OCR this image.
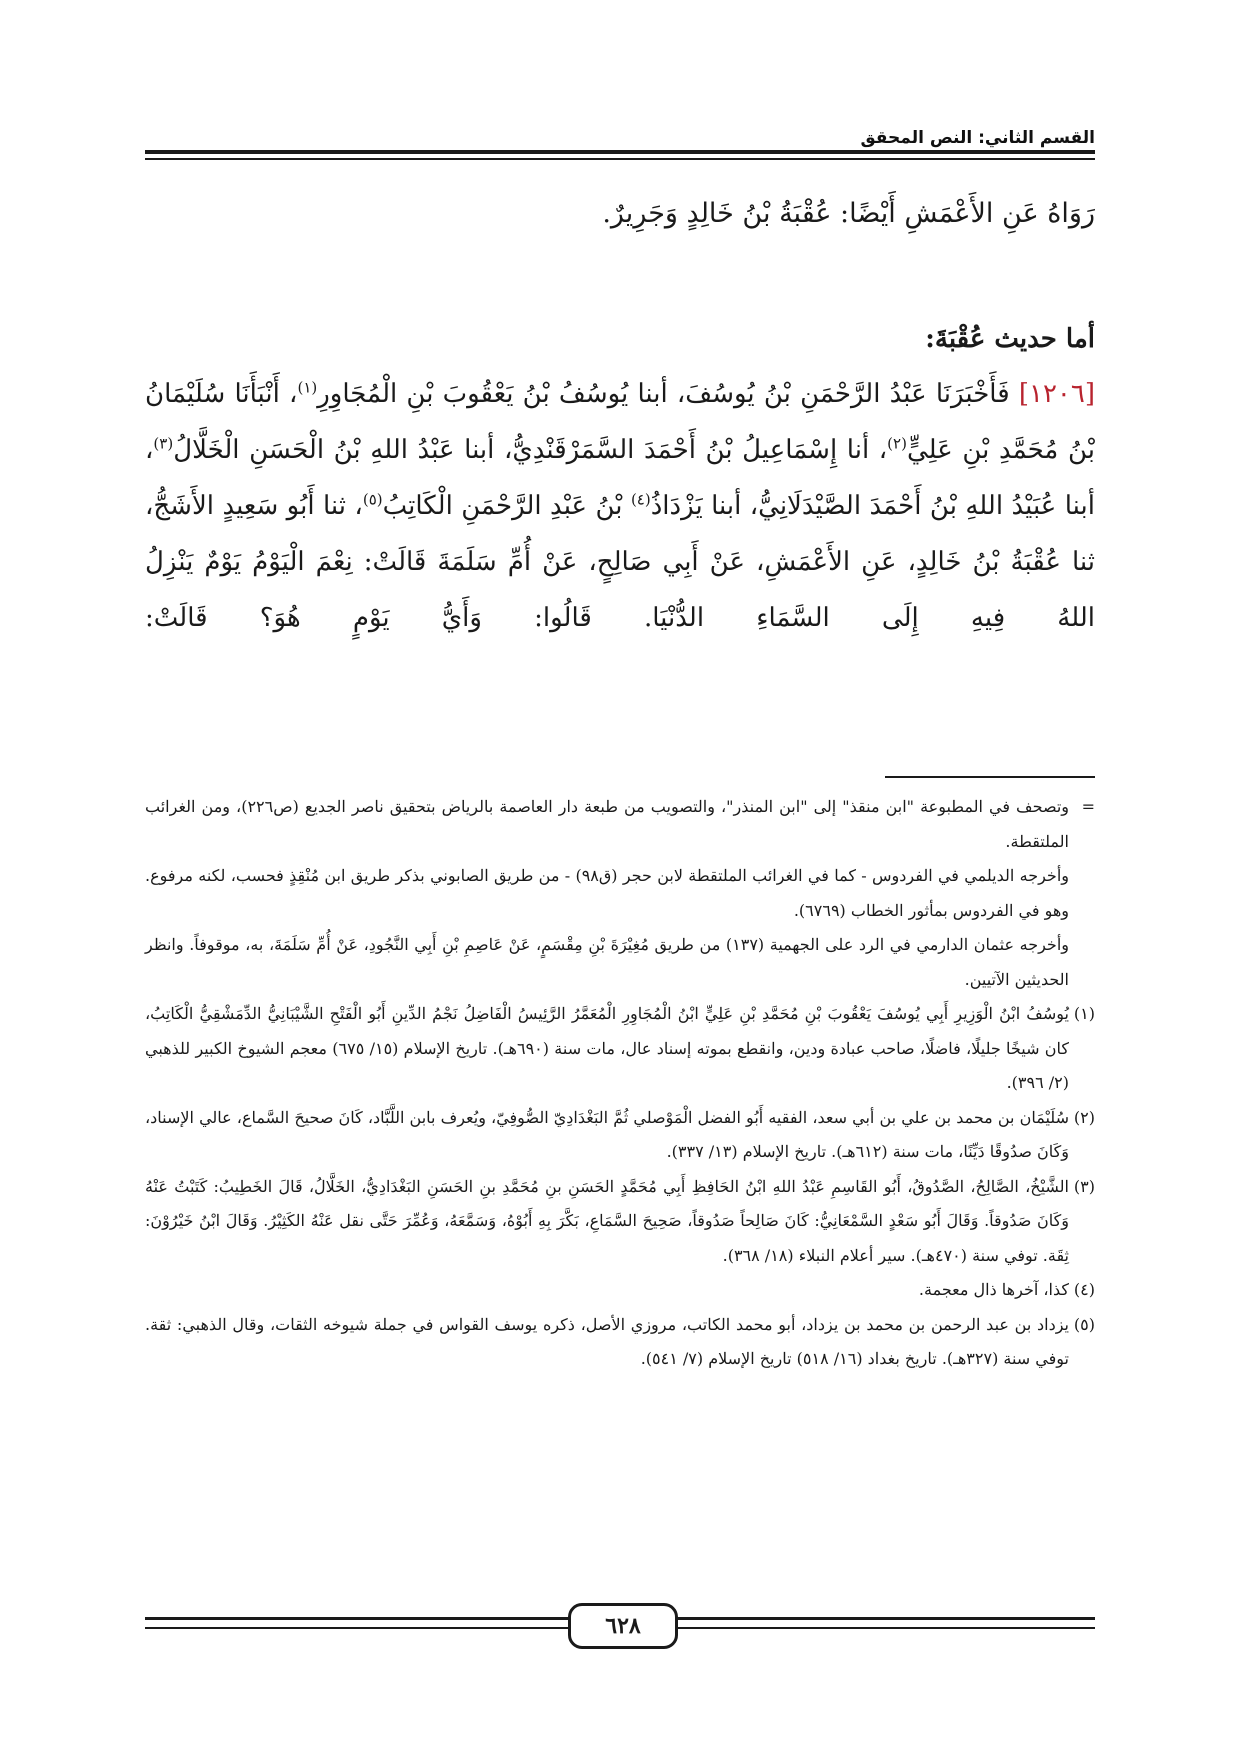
القسم الثاني: النص المحقق

رَوَاهُ عَنِ الأَعْمَشِ أَيْضًا: عُقْبَةُ بْنُ خَالِدٍ وَجَرِيرٌ.

أما حديث عُقْبَةَ:

[١٢٠٦] فَأَخْبَرَنَا عَبْدُ الرَّحْمَنِ بْنُ يُوسُفَ، أبنا يُوسُفُ بْنُ يَعْقُوبَ بْنِ الْمُجَاوِرِ$^{(١)}$، أَنْبَأَنَا سُلَيْمَانُ بْنُ مُحَمَّدِ بْنِ عَلِيٍّ$^{(٢)}$، أنا إِسْمَاعِيلُ بْنُ أَحْمَدَ السَّمَرْقَنْدِيُّ، أبنا عَبْدُ اللهِ بْنُ الْحَسَنِ الْخَلَّالُ$^{(٣)}$، أبنا عُبَيْدُ اللهِ بْنُ أَحْمَدَ الصَّيْدَلَانِيُّ، أبنا يَزْدَاذُ$^{(٤)}$ بْنُ عَبْدِ الرَّحْمَنِ الْكَاتِبُ$^{(٥)}$، ثنا أَبُو سَعِيدٍ الأَشَجُّ، ثنا عُقْبَةُ بْنُ خَالِدٍ، عَنِ الأَعْمَشِ، عَنْ أَبِي صَالِحٍ، عَنْ أُمِّ سَلَمَةَ قَالَتْ: نِعْمَ الْيَوْمُ يَوْمٌ يَنْزِلُ اللهُ فِيهِ إِلَى السَّمَاءِ الدُّنْيَا. قَالُوا: وَأَيُّ يَوْمٍ هُوَ؟ قَالَتْ:

=

وتصحف في المطبوعة "ابن منقذ" إلى "ابن المنذر"، والتصويب من طبعة دار العاصمة بالرياض بتحقيق ناصر الجديع (ص٢٢٦)، ومن الغرائب الملتقطة.

وأخرجه الديلمي في الفردوس - كما في الغرائب الملتقطة لابن حجر (ق٩٨) - من طريق الصابوني بذكر طريق ابن مُنْقِذٍ فحسب، لكنه مرفوع. وهو في الفردوس بمأثور الخطاب (٦٧٦٩).

وأخرجه عثمان الدارمي في الرد على الجهمية (١٣٧) من طريق مُغِيْرَةَ بْنِ مِقْسَمٍ، عَنْ عَاصِمِ بْنِ أَبِي النَّجُودِ، عَنْ أُمِّ سَلَمَةَ، به، موقوفاً. وانظر الحديثين الآتيين.

(١)
يُوسُفُ ابْنُ الْوَزِيرِ أَبِي يُوسُفَ يَعْقُوبَ بْنِ مُحَمَّدِ بْنِ عَلِيٍّ ابْنُ الْمُجَاوِرِ الْمُعَمَّرُ الرَّئِيسُ الْفَاضِلُ نَجْمُ الدِّينِ أَبُو الْفَتْحِ الشَّيْبَانِيُّ الدِّمَشْقِيُّ الْكَاتِبُ، كان شيخًا جليلًا، فاضلًا، صاحب عبادة ودين، وانقطع بموته إسناد عال، مات سنة (٦٩٠هـ). تاريخ الإسلام (١٥/ ٦٧٥) معجم الشيوخ الكبير للذهبي (٢/ ٣٩٦).
(٢)
سُلَيْمَان بن محمد بن علي بن أبي سعد، الفقيه أَبُو الفضل الْمَوْصلي ثُمَّ البَغْدَادِيّ الصُّوفِيّ، ويُعرف بابن اللَّبَّاد، كَانَ صحيحَ السَّماع، عالي الإسناد، وَكَانَ صدُوقًا دَيِّنًا، مات سنة (٦١٢هـ). تاريخ الإسلام (١٣/ ٣٣٧).
(٣)
الشَّيْخُ، الصَّالِحُ، الصَّدُوقُ، أَبُو القَاسِمِ عَبْدُ اللهِ ابْنُ الحَافِظِ أَبِي مُحَمَّدٍ الحَسَنِ بنِ مُحَمَّدِ بنِ الحَسَنِ البَغْدَادِيُّ، الخَلَّالُ، قَالَ الخَطِيبُ: كَتَبْتُ عَنْهُ وَكَانَ صَدُوقاً. وَقَالَ أَبُو سَعْدٍ السَّمْعَانِيُّ: كَانَ صَالِحاً صَدُوقاً، صَحِيحَ السَّمَاعِ، بَكَّرَ بِهِ أَبُوْهُ، وَسَمَّعَهُ، وَعُمِّرَ حَتَّى نقل عَنْهُ الكَثِيْرُ. وَقَالَ ابْنُ خَيْرُوْنَ: ثِقَة. توفي سنة (٤٧٠هـ). سير أعلام النبلاء (١٨/ ٣٦٨).
(٤)
كذا، آخرها ذال معجمة.
(٥)
يزداد بن عبد الرحمن بن محمد بن يزداد، أبو محمد الكاتب، مروزي الأصل، ذكره يوسف القواس في جملة شيوخه الثقات، وقال الذهبي: ثقة. توفي سنة (٣٢٧هـ). تاريخ بغداد (١٦/ ٥١٨) تاريخ الإسلام (٧/ ٥٤١).
٦٢٨
